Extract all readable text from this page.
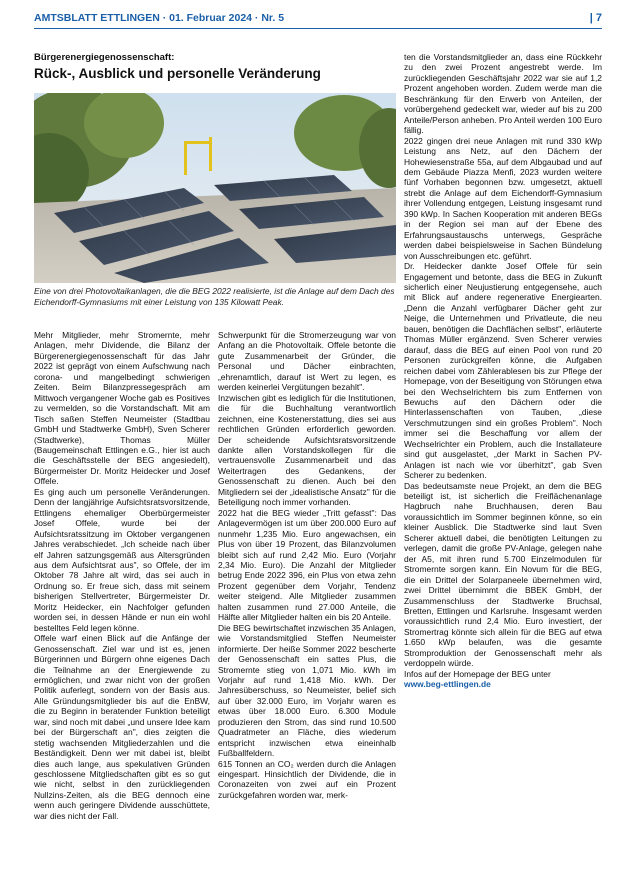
AMTSBLATT ETTLINGEN · 01. Februar 2024 · Nr. 5	| 7
Bürgerenergiegenossenschaft:
Rück-, Ausblick und personelle Veränderung
Eine von drei Photovoltaikanlagen, die die BEG 2022 realisierte, ist die Anlage auf dem Dach des Eichendorff-Gymnasiums mit einer Leistung von 135 Kilowatt Peak.

Mehr Mitglieder, mehr Stromernte, mehr Anlagen, mehr Dividende, die Bilanz der Bürgerenergiegenossenschaft für das Jahr 2022 ist geprägt von einem Aufschwung nach corona- und mangelbedingt schwierigen Zeiten. Beim Bilanzpressegespräch am Mittwoch vergangener Woche gab es Positives zu vermelden, so die Vorstandschaft. Mit am Tisch saßen Steffen Neumeister (Stadtbau GmbH und Stadtwerke GmbH), Sven Scherer (Stadtwerke), Thomas Müller (Baugemeinschaft Ettlingen e.G., hier ist auch die Geschäftsstelle der BEG angesiedelt), Bürgermeister Dr. Moritz Heidecker und Josef Offele.

Es ging auch um personelle Veränderungen. Denn der langjährige Aufsichtsratsvorsitzende, Ettlingens ehemaliger Oberbürgermeister Josef Offele, wurde bei der Aufsichtsratssitzung im Oktober vergangenen Jahres verabschiedet. „Ich scheide nach über elf Jahren satzungsgemäß aus Altersgründen aus dem Aufsichtsrat aus", so Offele, der im Oktober 78 Jahre alt wird, das sei auch in Ordnung so. Er freue sich, dass mit seinem bisherigen Stellvertreter, Bürgermeister Dr. Moritz Heidecker, ein Nachfolger gefunden worden sei, in dessen Hände er nun ein wohl bestelltes Feld legen könne.

Offele warf einen Blick auf die Anfänge der Genossenschaft. Ziel war und ist es, jenen Bürgerinnen und Bürgern ohne eigenes Dach die Teilnahme an der Energiewende zu ermöglichen, und zwar nicht von der großen Politik auferlegt, sondern von der Basis aus. Alle Gründungsmitglieder bis auf die EnBW, die zu Beginn in beratender Funktion beteiligt war, sind noch mit dabei „und unsere Idee kam bei der Bürgerschaft an", dies zeigten die stetig wachsenden Mitgliederzahlen und die Beständigkeit. Denn wer mit dabei ist, bleibt dies auch lange, aus spekulativen Gründen geschlossene Mitgliedschaften gibt es so gut wie nicht, selbst in den zurückliegenden Nullzins-Zeiten, als die BEG dennoch eine wenn auch geringere Dividende ausschüttete, war dies nicht der Fall.

Schwerpunkt für die Stromerzeugung war von Anfang an die Photovoltaik. Offele betonte die gute Zusammenarbeit der Gründer, die Personal und Dächer einbrachten, „ehrenamtlich, darauf ist Wert zu legen, es werden keinerlei Vergütungen bezahlt".

Inzwischen gibt es lediglich für die Institutionen, die für die Buchhaltung verantwortlich zeichnen, eine Kostenerstattung, dies sei aus rechtlichen Gründen erforderlich geworden. Der scheidende Aufsichtsratsvorsitzende dankte allen Vorstandskollegen für die vertrauensvolle Zusammenarbeit und das Weitertragen des Gedankens, der Genossenschaft zu dienen. Auch bei den Mitgliedern sei der „idealistische Ansatz" für die Beteiligung noch immer vorhanden.

2022 hat die BEG wieder „Tritt gefasst": Das Anlagevermögen ist um über 200.000 Euro auf nunmehr 1,235 Mio. Euro angewachsen, ein Plus von über 19 Prozent, das Bilanzvolumen bleibt sich auf rund 2,42 Mio. Euro (Vorjahr 2,34 Mio. Euro). Die Anzahl der Mitglieder betrug Ende 2022 396, ein Plus von etwa zehn Prozent gegenüber dem Vorjahr, Tendenz weiter steigend. Alle Mitglieder zusammen halten zusammen rund 27.000 Anteile, die Hälfte aller Mitglieder halten ein bis 20 Anteile.

Die BEG bewirtschaftet inzwischen 35 Anlagen, wie Vorstandsmitglied Steffen Neumeister informierte. Der heiße Sommer 2022 bescherte der Genossenschaft ein sattes Plus, die Stromernte stieg von 1,071 Mio. kWh im Vorjahr auf rund 1,418 Mio. kWh. Der Jahresüberschuss, so Neumeister, belief sich auf über 32.000 Euro, im Vorjahr waren es etwas über 18.000 Euro. 6.300 Module produzieren den Strom, das sind rund 10.500 Quadratmeter an Fläche, dies wiederum entspricht inzwischen etwa eineinhalb Fußballfeldern.

615 Tonnen an CO₂ werden durch die Anlagen eingespart. Hinsichtlich der Dividende, die in Coronazeiten von zwei auf ein Prozent zurückgefahren worden war, merk-

ten die Vorstandsmitglieder an, dass eine Rückkehr zu den zwei Prozent angestrebt werde. Im zurückliegenden Geschäftsjahr 2022 war sie auf 1,2 Prozent angehoben worden. Zudem werde man die Beschränkung für den Erwerb von Anteilen, der vorübergehend gedeckelt war, wieder auf bis zu 200 Anteile/Person anheben. Pro Anteil werden 100 Euro fällig.

2022 gingen drei neue Anlagen mit rund 330 kWp Leistung ans Netz, auf den Dächern der Hohewiesenstraße 55a, auf dem Albgaubad und auf dem Gebäude Piazza Menfi, 2023 wurden weitere fünf Vorhaben begonnen bzw. umgesetzt, aktuell strebt die Anlage auf dem Eichendorff-Gymnasium ihrer Vollendung entgegen, Leistung insgesamt rund 390 kWp. In Sachen Kooperation mit anderen BEGs in der Region sei man auf der Ebene des Erfahrungsaustauschs unterwegs, Gespräche werden dabei beispielsweise in Sachen Bündelung von Ausschreibungen etc. geführt.

Dr. Heidecker dankte Josef Offele für sein Engagement und betonte, dass die BEG in Zukunft sicherlich einer Neujustierung entgegensehe, auch mit Blick auf andere regenerative Energiearten. „Denn die Anzahl verfügbarer Dächer geht zur Neige, die Unternehmen und Privatleute, die neu bauen, benötigen die Dachflächen selbst", erläuterte Thomas Müller ergänzend. Sven Scherer verwies darauf, dass die BEG auf einen Pool von rund 20 Personen zurückgreifen könne, die Aufgaben reichen dabei vom Zählerablesen bis zur Pflege der Homepage, von der Beseitigung von Störungen etwa bei den Wechselrichtern bis zum Entfernen von Bewuchs auf den Dächern oder die Hinterlassenschaften von Tauben, „diese Verschmutzungen sind ein großes Problem". Noch immer sei die Beschaffung vor allem der Wechselrichter ein Problem, auch die Installateure sind gut ausgelastet, „der Markt in Sachen PV-Anlagen ist nach wie vor überhitzt", gab Sven Scherer zu bedenken.

Das bedeutsamste neue Projekt, an dem die BEG beteiligt ist, ist sicherlich die Freiflächenanlage Hagbruch nahe Bruchhausen, deren Bau voraussichtlich im Sommer beginnen könne, so ein kleiner Ausblick. Die Stadtwerke sind laut Sven Scherer aktuell dabei, die benötigten Leitungen zu verlegen, damit die große PV-Anlage, gelegen nahe der A5, mit ihren rund 5.700 Einzelmodulen für Stromernte sorgen kann. Ein Novum für die BEG, die ein Drittel der Solarpaneele übernehmen wird, zwei Drittel übernimmt die BBEK GmbH, der Zusammenschluss der Stadtwerke Bruchsal, Bretten, Ettlingen und Karlsruhe. Insgesamt werden voraussichtlich rund 2,4 Mio. Euro investiert, der Stromertrag könnte sich allein für die BEG auf etwa 1.650 kWp belaufen, was die gesamte Stromproduktion der Genossenschaft mehr als verdoppeln würde.

Infos auf der Homepage der BEG unter

www.beg-ettlingen.de
